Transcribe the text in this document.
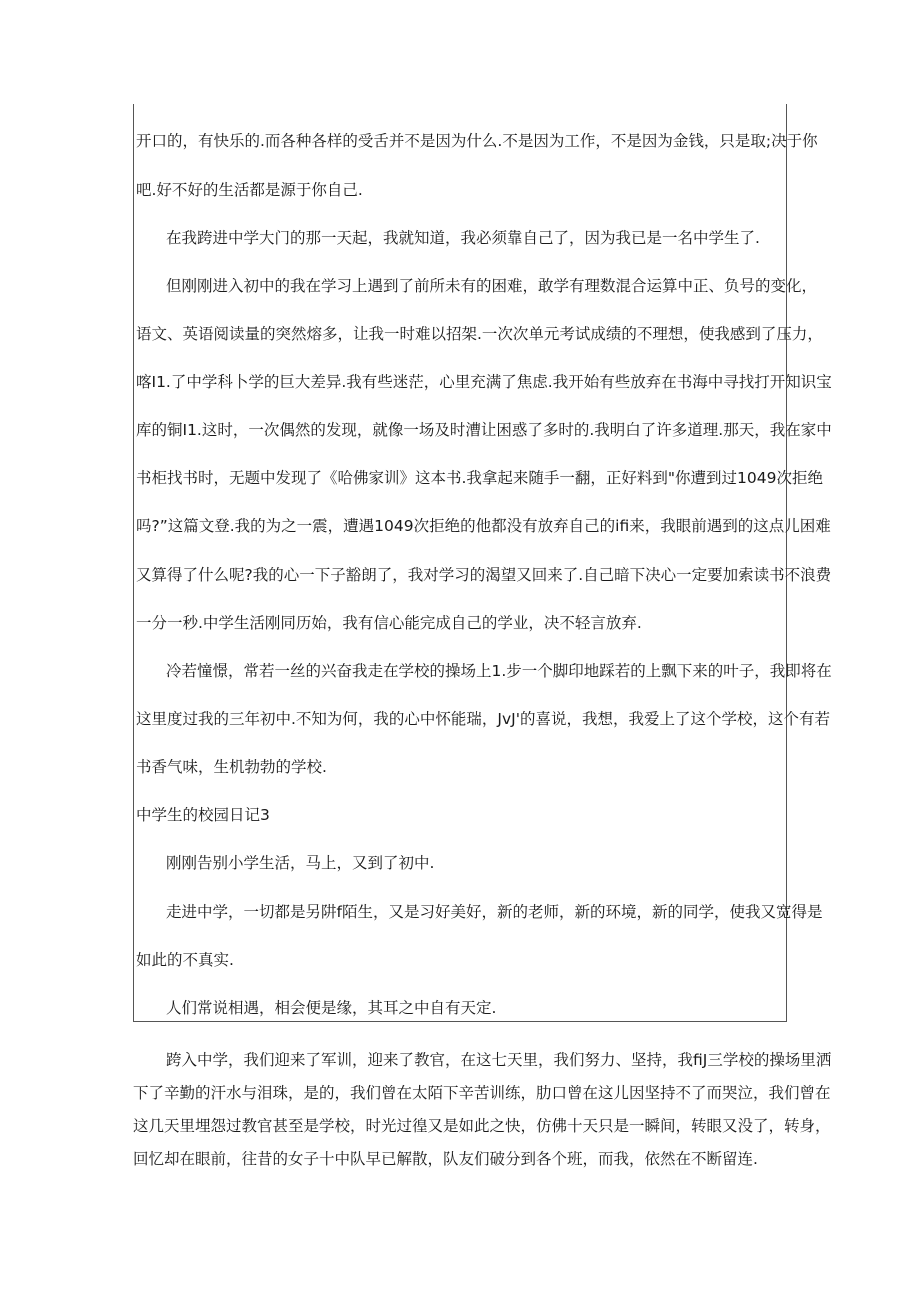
开口的，有快乐的.而各种各样的受舌并不是因为什么.不是因为工作，不是因为金钱，只是取;决于你
吧.好不好的生活都是源于你自己.
在我跨进中学大门的那一天起，我就知道，我必须靠自己了，因为我已是一名中学生了.
但刚刚进入初中的我在学习上遇到了前所未有的困难，敢学有理数混合运算中正、负号的变化，
语文、英语阅读量的突然熔多，让我一时难以招架.一次次单元考试成绩的不理想，使我感到了压力，
喀I1.了中学科卜学的巨大差异.我有些迷茫，心里充满了焦虑.我开始有些放弃在书海中寻找打开知识宝
库的铜I1.这时，一次偶然的发现，就像一场及时漕让困惑了多时的.我明白了许多道理.那天，我在家中
书柜找书时，无题中发现了《哈佛家训》这本书.我拿起来随手一翻，正好料到"你遭到过1049次拒绝
吗?”这篇文登.我的为之一震，遭遇1049次拒绝的他都没有放弃自己的ifi来，我眼前遇到的这点儿困难
又算得了什么呢?我的心一下子豁朗了，我对学习的渴望又回来了.自己暗下决心一定要加索读书不浪费
一分一秒.中学生活刚同历始，我有信心能完成自己的学业，决不轻言放弃.
冷若憧憬，常若一丝的兴奋我走在学校的操场上1.步一个脚印地踩若的上飘下来的叶子，我即将在
这里度过我的三年初中.不知为何，我的心中怀能瑞，JvJ'的喜说，我想，我爱上了这个学校，这个有若
书香气味，生机勃勃的学校.
中学生的校园日记3
刚刚告别小学生活，马上，又到了初中.
走进中学，一切都是另阱f陌生，又是习好美好，新的老师，新的环境，新的同学，使我又宽得是
如此的不真实.
人们常说相遇，相会便是缘，其耳之中自有天定.
跨入中学，我们迎来了军训，迎来了教官，在这七天里，我们努力、坚持，我fiJ三学校的操场里洒
下了辛勤的汗水与泪珠，是的，我们曾在太陌下辛苦训练，肋口曾在这儿因坚持不了而哭泣，我们曾在
这几天里埋怨过教官甚至是学校，时光过徨又是如此之快，仿佛十天只是一瞬间，转眼又没了，转身，
回忆却在眼前，往昔的女子十中队早已解散，队友们破分到各个班，而我，依然在不断留连.
